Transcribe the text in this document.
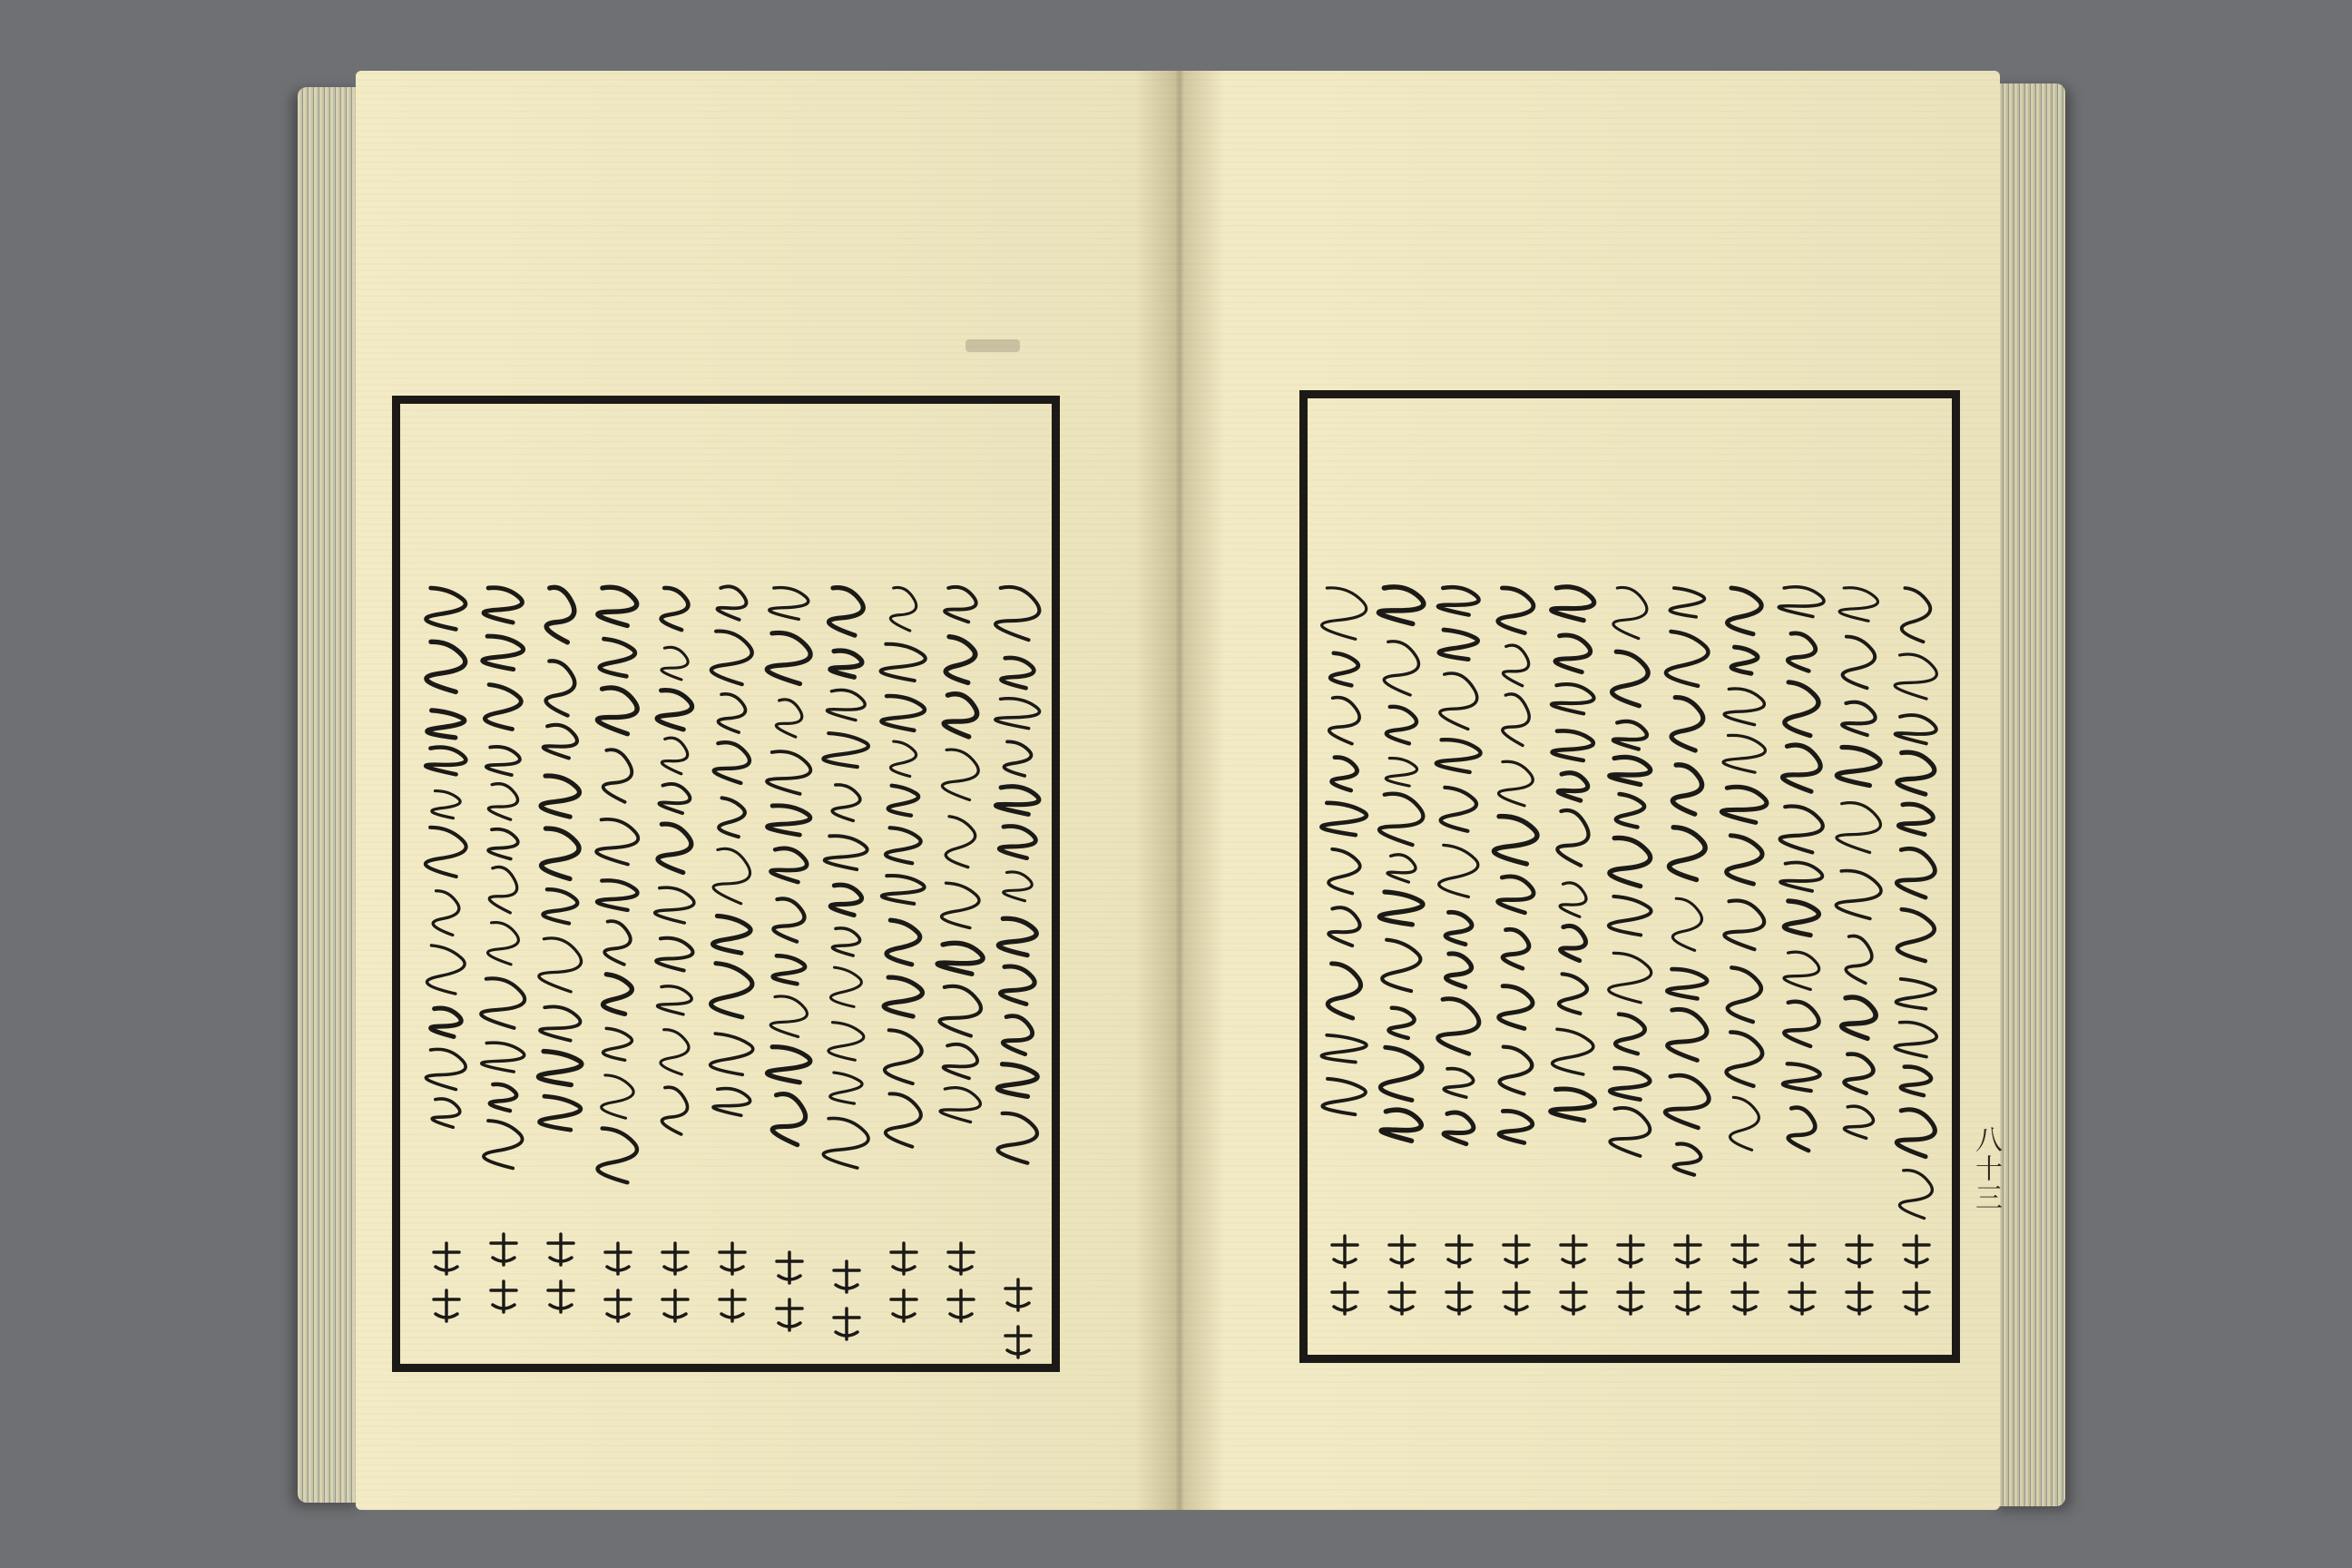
八十三
